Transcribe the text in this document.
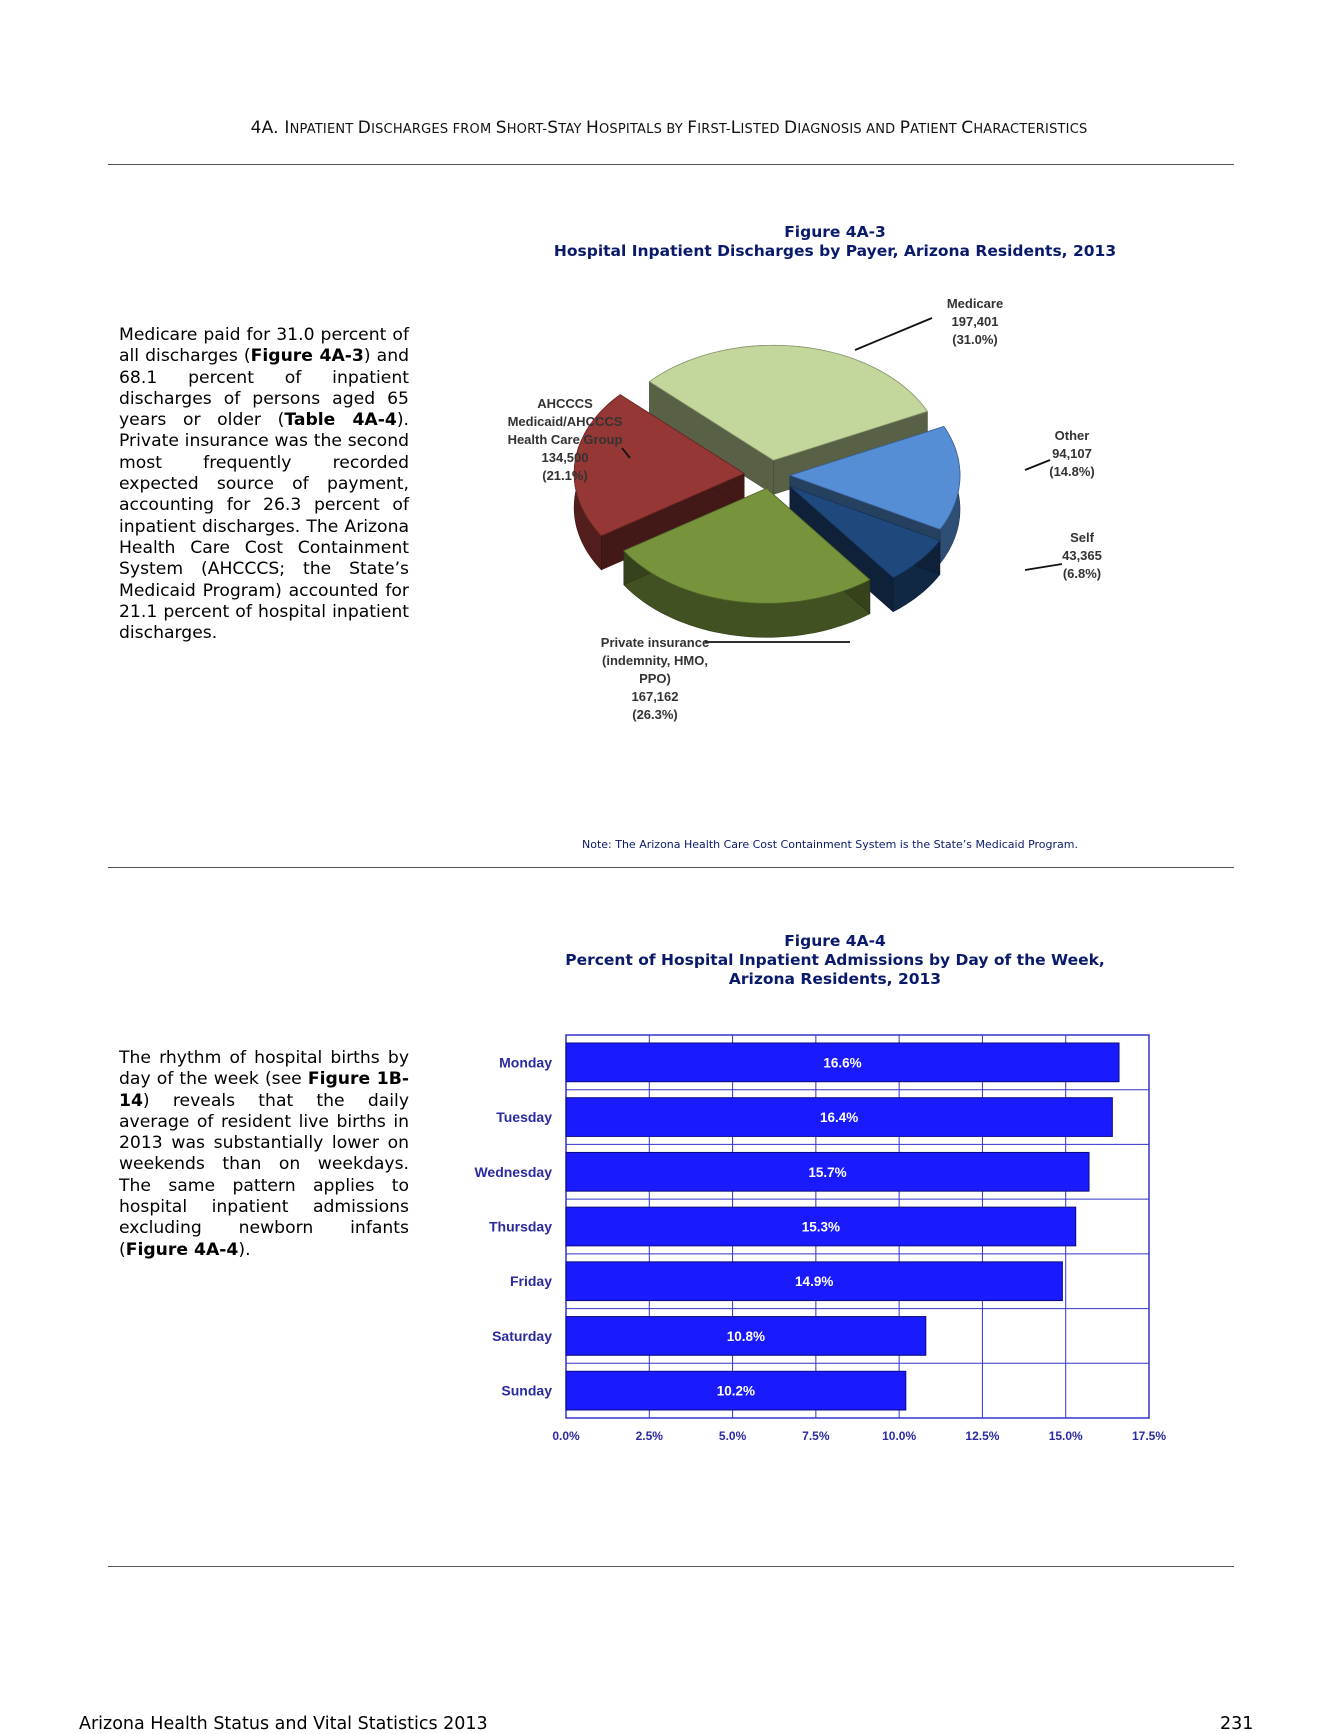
4A. INPATIENT DISCHARGES FROM SHORT-STAY HOSPITALS BY FIRST-LISTED DIAGNOSIS AND PATIENT CHARACTERISTICS
Medicare paid for 31.0 percent of all discharges (Figure 4A-3) and 68.1 percent of inpatient discharges of persons aged 65 years or older (Table 4A-4). Private insurance was the second most frequently recorded expected source of payment, accounting for 26.3 percent of inpatient discharges. The Arizona Health Care Cost Containment System (AHCCCS; the State’s Medicaid Program) accounted for 21.1 percent of hospital inpatient discharges.
Figure 4A-3
Hospital Inpatient Discharges by Payer, Arizona Residents, 2013
Medicare
197,401
(31.0%)
Other
94,107
(14.8%)
Self
43,365
(6.8%)
Private insurance
(indemnity, HMO,
PPO)
167,162
(26.3%)
AHCCCS
Medicaid/AHCCCS
Health Care Group
134,500
(21.1%)
Note: The Arizona Health Care Cost Containment System is the State’s Medicaid Program.
Figure 4A-4
Percent of Hospital Inpatient Admissions by Day of the Week,
Arizona Residents, 2013
The rhythm of hospital births by day of the week (see Figure 1B-14) reveals that the daily average of resident live births in 2013 was substantially lower on weekends than on weekdays. The same pattern applies to hospital inpatient admissions excluding newborn infants (Figure 4A-4).
16.6%
Monday
16.4%
Tuesday
15.7%
Wednesday
15.3%
Thursday
14.9%
Friday
10.8%
Saturday
10.2%
Sunday
0.0%	2.5%	5.0%	7.5%	10.0%	12.5%	15.0%	17.5%
Arizona Health Status and Vital Statistics 2013	231
